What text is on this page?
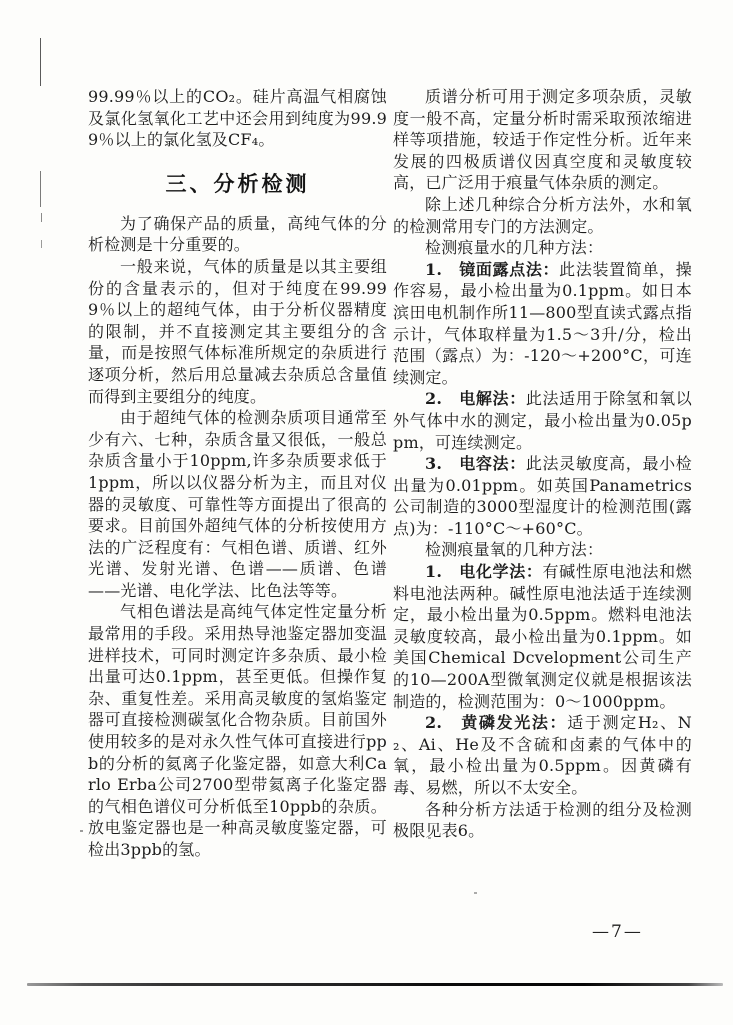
99.99％以上的CO₂。硅片高温气相腐蚀及氯化氢氧化工艺中还会用到纯度为99.99％以上的氯化氢及CF₄。

三、分析检测

为了确保产品的质量，高纯气体的分析检测是十分重要的。

一般来说，气体的质量是以其主要组份的含量表示的，但对于纯度在99.999％以上的超纯气体，由于分析仪器精度的限制，并不直接测定其主要组分的含量，而是按照气体标准所规定的杂质进行逐项分析，然后用总量减去杂质总含量值而得到主要组分的纯度。

由于超纯气体的检测杂质项目通常至少有六、七种，杂质含量又很低，一般总杂质含量小于10ppm,许多杂质要求低于1ppm，所以以仪器分析为主，而且对仪器的灵敏度、可靠性等方面提出了很高的要求。目前国外超纯气体的分析按使用方法的广泛程度有：气相色谱、质谱、红外光谱、发射光谱、色谱——质谱、色谱——光谱、电化学法、比色法等等。

气相色谱法是高纯气体定性定量分析最常用的手段。采用热导池鉴定器加变温进样技术，可同时测定许多杂质、最小检出量可达0.1ppm，甚至更低。但操作复杂、重复性差。采用高灵敏度的氢焰鉴定器可直接检测碳氢化合物杂质。目前国外使用较多的是对永久性气体可直接进行ppb的分析的氦离子化鉴定器，如意大利Carlo Erba公司2700型带氦离子化鉴定器的气相色谱仪可分析低至10ppb的杂质。放电鉴定器也是一种高灵敏度鉴定器，可检出3ppb的氢。

质谱分析可用于测定多项杂质，灵敏度一般不高，定量分析时需采取预浓缩进样等项措施，较适于作定性分析。近年来发展的四极质谱仪因真空度和灵敏度较高，已广泛用于痕量气体杂质的测定。

除上述几种综合分析方法外，水和氧的检测常用专门的方法测定。

检测痕量水的几种方法：

1.　镜面露点法：此法装置简单，操作容易，最小检出量为0.1ppm。如日本滨田电机制作所11—800型直读式露点指示计，气体取样量为1.5～3升/分，检出范围（露点）为：-120～+200°C，可连续测定。

2.　电解法：此法适用于除氢和氧以外气体中水的测定，最小检出量为0.05ppm，可连续测定。

3.　电容法：此法灵敏度高，最小检出量为0.01ppm。如英国Panametrics公司制造的3000型湿度计的检测范围(露点)为：-110°C～+60°C。

检测痕量氧的几种方法：

1.　电化学法：有碱性原电池法和燃料电池法两种。碱性原电池法适于连续测定，最小检出量为0.5ppm。燃料电池法灵敏度较高，最小检出量为0.1ppm。如美国Chemical Dcvelopment公司生产的10—200A型微氧测定仪就是根据该法制造的，检测范围为：0～1000ppm。

2.　黄磷发光法：适于测定H₂、N₂、Ai、He及不含硫和卤素的气体中的氧，最小检出量为0.5ppm。因黄磷有毒、易燃，所以不太安全。

各种分析方法适于检测的组分及检测极限见表6。

—7—
